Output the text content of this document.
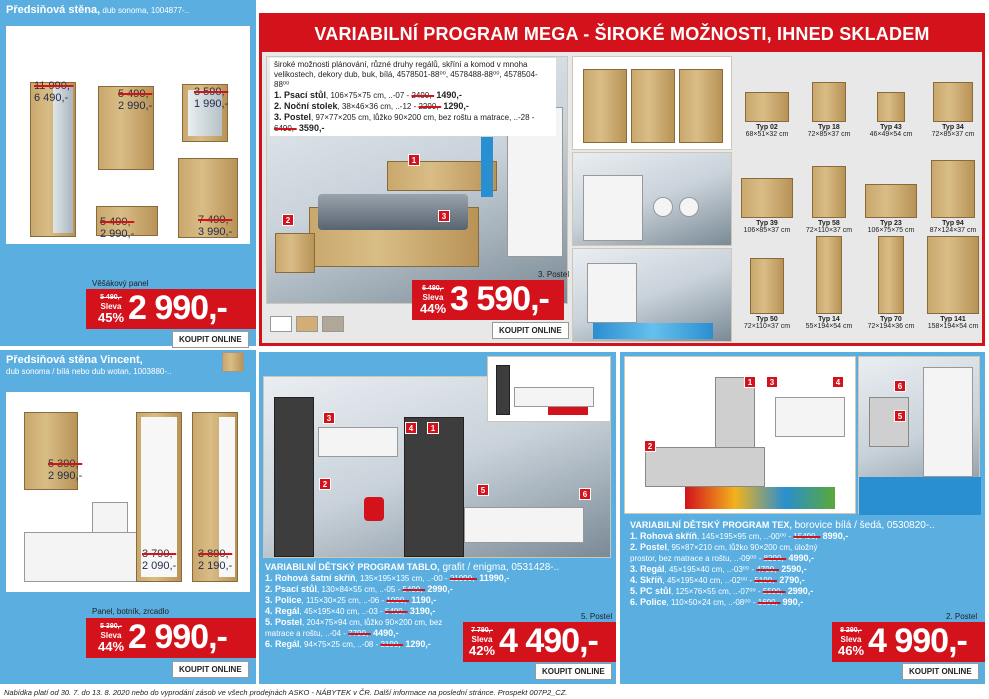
Předsiňová stěna, dub sonoma, 1004877-..
11 990,-
6 490,-	5 490,-
2 990,-
3 590,-
1 990,-
5 490,-
2 990,-
7 490,-
3 990,-
Věšákový panel
5 490,-
Sleva
45% 2 990,-
KOUPIT ONLINE
Předsiňová stěna Vincent,
dub sonoma / bílá nebo dub wotan, 1003880-..
5 390,-
2 990,-
3 790,-
2 090,-
3 890,-
2 190,-
Panel, botník, zrcadlo
5 390,-
Sleva
44% 2 990,-
KOUPIT ONLINE
VARIABILNÍ PROGRAM MEGA - ŠIROKÉ MOŽNOSTI, IHNED SKLADEM
široké možnosti plánování, různé druhy regálů, skříní a komod v mnoha velikostech, dekory dub, buk, bílá, 4578501-88⁰⁰, 4578488-88⁰⁰, 4578504-88⁰⁰
1. Psací stůl, 106×75×75 cm, ..-07 - 2490,- 1490,-
2. Noční stolek, 38×46×36 cm, ..-12 - 2290,- 1290,-
3. Postel, 97×77×205 cm, lůžko 90×200 cm, bez roštu a matrace, ..-28 - 6490,- 3590,-
1
2	3
3. Postel
6 490,-
Sleva
44% 3 590,-
KOUPIT ONLINE
Typ 02
68×51×32 cm
Typ 18
72×85×37 cm
Typ 43
46×49×54 cm
Typ 34
72×85×37 cm
Typ 39
106×85×37 cm
Typ 58
72×110×37 cm
Typ 23
106×75×75 cm
Typ 94
87×124×37 cm
Typ 50
72×110×37 cm
Typ 14
55×194×54 cm
Typ 70
72×194×36 cm
Typ 141
158×194×54 cm
3
4	1
2
5	6
VARIABILNÍ DĚTSKÝ PROGRAM TABLO, grafit / enigma, 0531428-..
1. Rohová šatní skříň, 135×195×135 cm, ..-00 - 21990,- 11990,-
2. Psací stůl, 130×84×55 cm, ..-05 - 5490,- 2990,-
3. Police, 115×30×25 cm, ..-06 - 1990,- 1190,-
4. Regál, 45×195×40 cm, ..-03 - 5490,- 3190,-
5. Postel, 204×75×94 cm, lůžko 90×200 cm, bez matrace a roštu, ..-04 - 7790,- 4490,-
6. Regál, 94×75×25 cm, ..-08 - 2190,- 1290,-
5. Postel
7 790,-
Sleva
42% 4 490,-
KOUPIT ONLINE
1	3	4
2
6
5
VARIABILNÍ DĚTSKÝ PROGRAM TEX, borovice bílá / šedá, 0530820-..
1. Rohová skříň, 145×195×95 cm, ..-00⁰⁰ - 15490,- 8990,-
2. Postel, 95×87×210 cm, lůžko 90×200 cm, úložný prostor, bez matrace a roštu, ..-09⁰⁰ - 8290,- 4990,-
3. Regál, 45×195×40 cm, ..-03⁰⁰ - 4790,- 2590,-
4. Skříň, 45×195×40 cm, ..-02⁰⁰ - 5190,- 2790,-
5. PC stůl, 125×76×55 cm, ..-07⁰⁰ - 5590,- 2990,-
6. Police, 110×50×24 cm, ..-08⁰⁰ - 1690,- 990,-
2. Postel
8 290,-
Sleva
46% 4 990,-
KOUPIT ONLINE
Nabídka platí od 30. 7. do 13. 8. 2020 nebo do vyprodání zásob ve všech prodejnách ASKO - NÁBYTEK v ČR. Další informace na poslední stránce. Prospekt 007P2_CZ.
